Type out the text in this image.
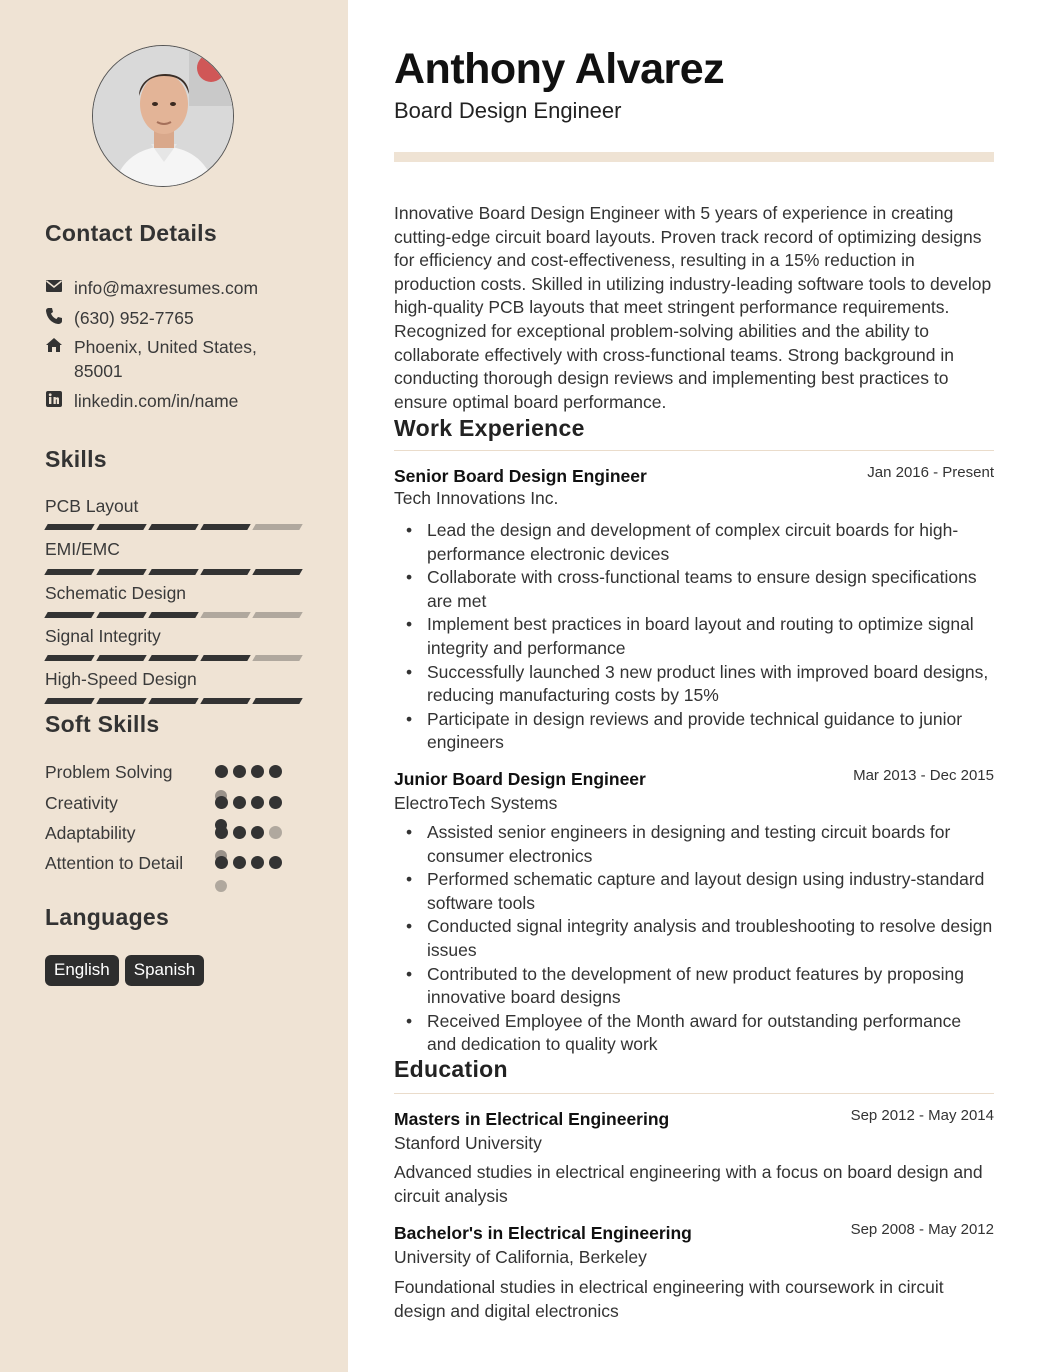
Contact Details
info@maxresumes.com
(630) 952-7765
Phoenix, United States, 85001
linkedin.com/in/name
Skills
PCB Layout
EMI/EMC
Schematic Design
Signal Integrity
High-Speed Design
Soft Skills
Problem Solving
Creativity
Adaptability
Attention to Detail
Languages
English	Spanish
Anthony Alvarez
Board Design Engineer

Innovative Board Design Engineer with 5 years of experience in creating cutting-edge circuit board layouts. Proven track record of optimizing designs for efficiency and cost-effectiveness, resulting in a 15% reduction in production costs. Skilled in utilizing industry-leading software tools to develop high-quality PCB layouts that meet stringent performance requirements. Recognized for exceptional problem-solving abilities and the ability to collaborate effectively with cross-functional teams. Strong background in conducting thorough design reviews and implementing best practices to ensure optimal board performance.

Work Experience
Senior Board Design Engineer	Jan 2016 - Present
Tech Innovations Inc.
• Lead the design and development of complex circuit boards for high-performance electronic devices
• Collaborate with cross-functional teams to ensure design specifications are met
• Implement best practices in board layout and routing to optimize signal integrity and performance
• Successfully launched 3 new product lines with improved board designs, reducing manufacturing costs by 15%
• Participate in design reviews and provide technical guidance to junior engineers
Junior Board Design Engineer	Mar 2013 - Dec 2015
ElectroTech Systems
• Assisted senior engineers in designing and testing circuit boards for consumer electronics
• Performed schematic capture and layout design using industry-standard software tools
• Conducted signal integrity analysis and troubleshooting to resolve design issues
• Contributed to the development of new product features by proposing innovative board designs
• Received Employee of the Month award for outstanding performance and dedication to quality work
Education
Masters in Electrical Engineering	Sep 2012 - May 2014
Stanford University

Advanced studies in electrical engineering with a focus on board design and circuit analysis

Bachelor's in Electrical Engineering	Sep 2008 - May 2012
University of California, Berkeley

Foundational studies in electrical engineering with coursework in circuit design and digital electronics
